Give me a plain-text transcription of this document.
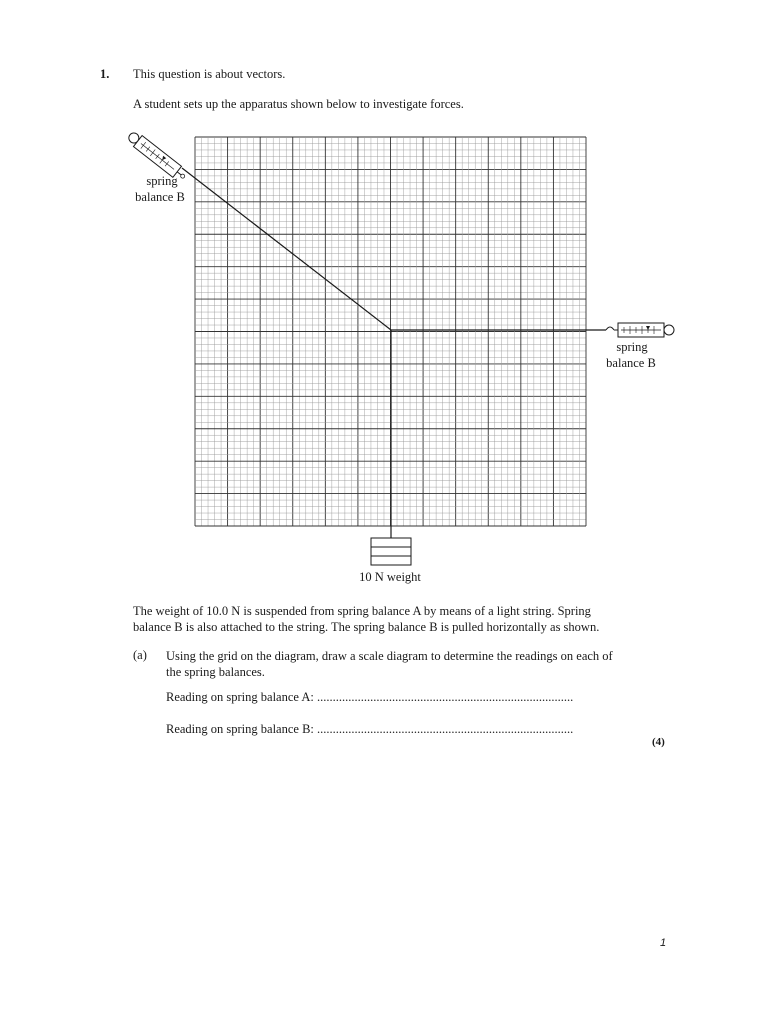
1. This question is about vectors.
A student sets up the apparatus shown below to investigate forces.
spring
balance B
spring
balance B
10 N weight
The weight of 10.0 N is suspended from spring balance A by means of a light string. Spring
balance B is also attached to the string. The spring balance B is pulled horizontally as shown.
(a) Using the grid on the diagram, draw a scale diagram to determine the readings on each of
the spring balances.
Reading on spring balance A: ..................................................................................
Reading on spring balance B: ..................................................................................
(4)
1
